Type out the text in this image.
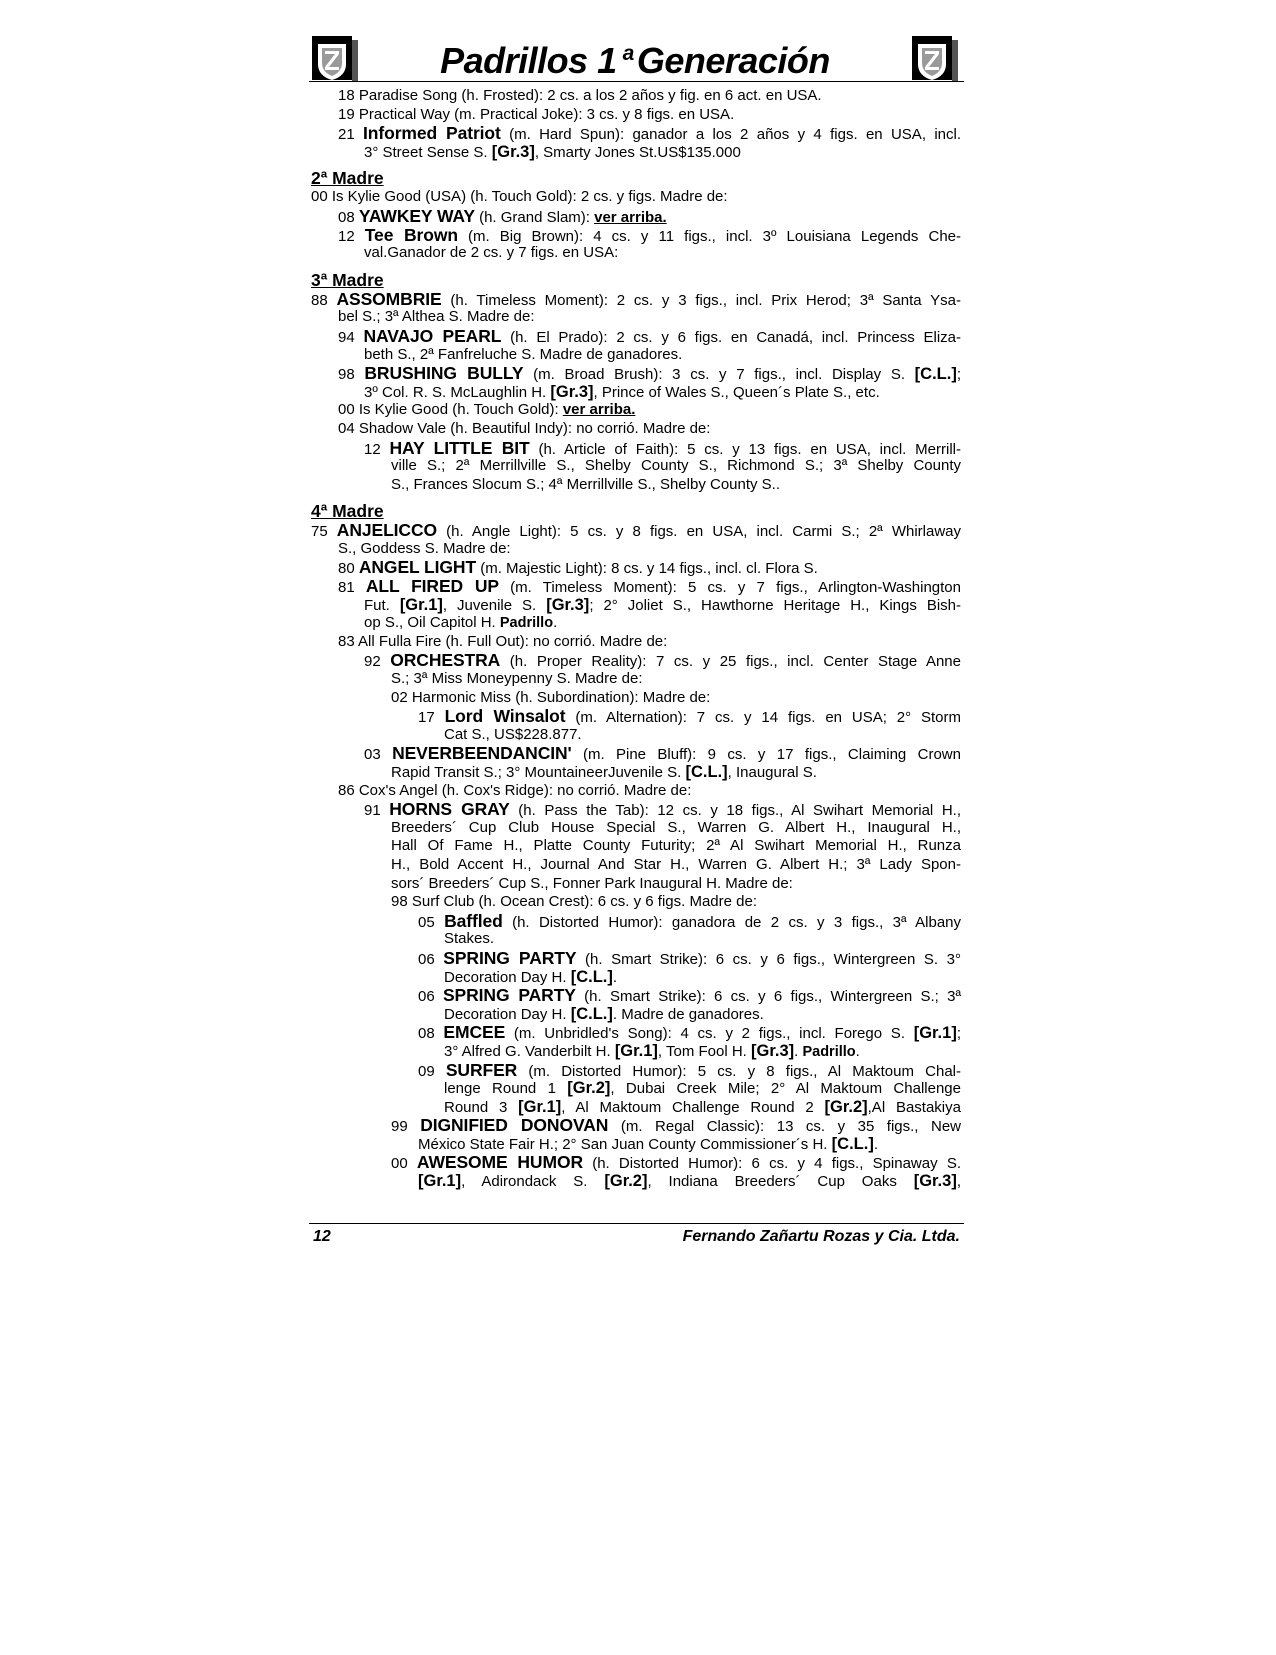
Padrillos 1 $^a$Generación
18 Paradise Song (h. Frosted): 2 cs. a los 2 años y fig. en 6 act. en USA.
19 Practical Way (m. Practical Joke): 3 cs. y 8 figs. en USA.
21 Informed Patriot (m. Hard Spun): ganador a los 2 años y 4 figs. en USA, incl.
3° Street Sense S. [Gr.3], Smarty Jones St.US$135.000
2ª Madre
00 Is Kylie Good (USA) (h. Touch Gold): 2 cs. y figs. Madre de:
08 YAWKEY WAY (h. Grand Slam): ver arriba.
12 Tee Brown (m. Big Brown): 4 cs. y 11 figs., incl. 3º Louisiana Legends Che-
val.Ganador de 2 cs. y 7 figs. en USA:
3ª Madre
88 ASSOMBRIE (h. Timeless Moment): 2 cs. y 3 figs., incl. Prix Herod; 3ª Santa Ysa-
bel S.; 3ª Althea S. Madre de:
94 NAVAJO PEARL (h. El Prado): 2 cs. y 6 figs. en Canadá, incl. Princess Eliza-
beth S., 2ª Fanfreluche S. Madre de ganadores.
98 BRUSHING BULLY (m. Broad Brush): 3 cs. y 7 figs., incl. Display S. [C.L.];
3º Col. R. S. McLaughlin H. [Gr.3], Prince of Wales S., Queen´s Plate S., etc.
00 Is Kylie Good (h. Touch Gold): ver arriba.
04 Shadow Vale (h. Beautiful Indy): no corrió. Madre de:
12 HAY LITTLE BIT (h. Article of Faith): 5 cs. y 13 figs. en USA, incl. Merrill-
ville S.; 2ª Merrillville S., Shelby County S., Richmond S.; 3ª Shelby County
S., Frances Slocum S.; 4ª Merrillville S., Shelby County S..
4ª Madre
75 ANJELICCO (h. Angle Light): 5 cs. y 8 figs. en USA, incl. Carmi S.; 2ª Whirlaway
S., Goddess S. Madre de:
80 ANGEL LIGHT (m. Majestic Light): 8 cs. y 14 figs., incl. cl. Flora S.
81 ALL FIRED UP (m. Timeless Moment): 5 cs. y 7 figs., Arlington-Washington
Fut. [Gr.1], Juvenile S. [Gr.3]; 2° Joliet S., Hawthorne Heritage H., Kings Bish-
op S., Oil Capitol H. Padrillo.
83 All Fulla Fire (h. Full Out): no corrió. Madre de:
92 ORCHESTRA (h. Proper Reality): 7 cs. y 25 figs., incl. Center Stage Anne
S.; 3ª Miss Moneypenny S. Madre de:
02 Harmonic Miss (h. Subordination): Madre de:
17 Lord Winsalot (m. Alternation): 7 cs. y 14 figs. en USA; 2° Storm
Cat S., US$228.877.
03 NEVERBEENDANCIN' (m. Pine Bluff): 9 cs. y 17 figs., Claiming Crown
Rapid Transit S.; 3° MountaineerJuvenile S. [C.L.], Inaugural S.
86 Cox's Angel (h. Cox's Ridge): no corrió. Madre de:
91 HORNS GRAY (h. Pass the Tab): 12 cs. y 18 figs., Al Swihart Memorial H.,
Breeders´ Cup Club House Special S., Warren G. Albert H., Inaugural H.,
Hall Of Fame H., Platte County Futurity; 2ª Al Swihart Memorial H., Runza
H., Bold Accent H., Journal And Star H., Warren G. Albert H.; 3ª Lady Spon-
sors´ Breeders´ Cup S., Fonner Park Inaugural H. Madre de:
98 Surf Club (h. Ocean Crest): 6 cs. y 6 figs. Madre de:
05 Baffled (h. Distorted Humor): ganadora de 2 cs. y 3 figs., 3ª Albany
Stakes.
06 SPRING PARTY (h. Smart Strike): 6 cs. y 6 figs., Wintergreen S. 3°
Decoration Day H. [C.L.].
06 SPRING PARTY (h. Smart Strike): 6 cs. y 6 figs., Wintergreen S.; 3ª
Decoration Day H. [C.L.]. Madre de ganadores.
08 EMCEE (m. Unbridled's Song): 4 cs. y 2 figs., incl. Forego S. [Gr.1];
3° Alfred G. Vanderbilt H. [Gr.1], Tom Fool H. [Gr.3]. Padrillo.
09 SURFER (m. Distorted Humor): 5 cs. y 8 figs., Al Maktoum Chal-
lenge Round 1 [Gr.2], Dubai Creek Mile; 2° Al Maktoum Challenge
Round 3 [Gr.1], Al Maktoum Challenge Round 2 [Gr.2],Al Bastakiya
99 DIGNIFIED DONOVAN (m. Regal Classic): 13 cs. y 35 figs., New
México State Fair H.; 2° San Juan County Commissioner´s H. [C.L.].
00 AWESOME HUMOR (h. Distorted Humor): 6 cs. y 4 figs., Spinaway S.
[Gr.1], Adirondack S. [Gr.2], Indiana Breeders´ Cup Oaks [Gr.3],
12	Fernando Zañartu Rozas y Cia. Ltda.
